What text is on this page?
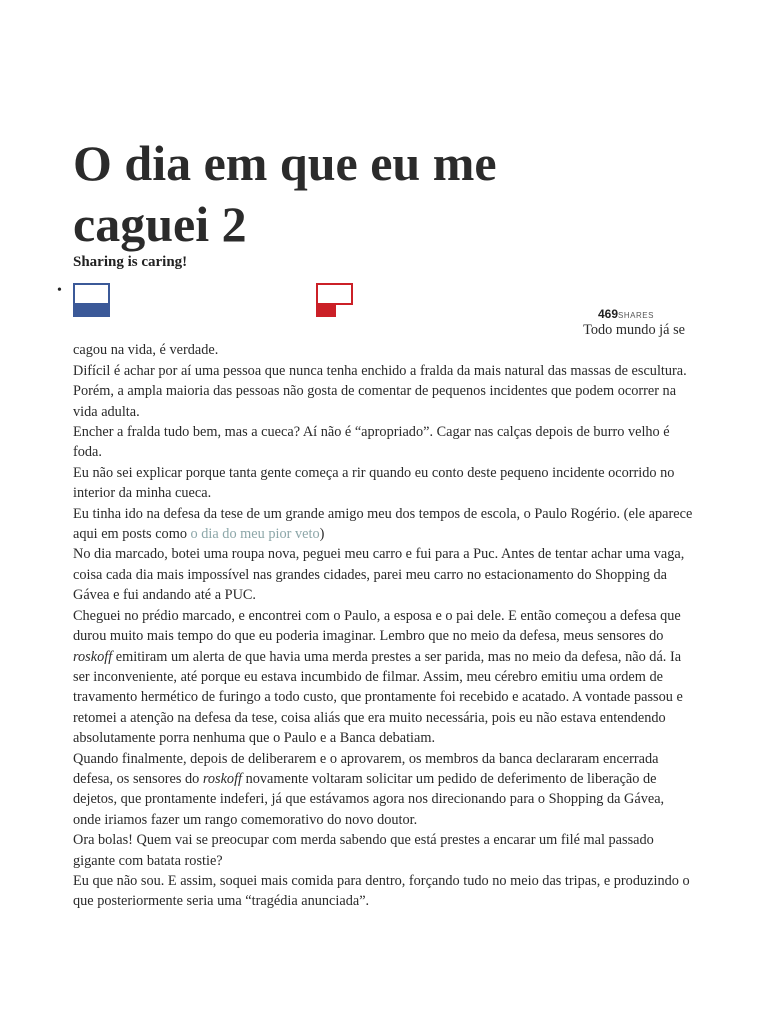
O dia em que eu me caguei 2
Sharing is caring!
•
469SHARES

Todo mundo já se

cagou na vida, é verdade.

Difícil é achar por aí uma pessoa que nunca tenha enchido a fralda da mais natural das massas de escultura. Porém, a ampla maioria das pessoas não gosta de comentar de pequenos incidentes que podem ocorrer na vida adulta.

Encher a fralda tudo bem, mas a cueca? Aí não é “apropriado”. Cagar nas calças depois de burro velho é foda.

Eu não sei explicar porque tanta gente começa a rir quando eu conto deste pequeno incidente ocorrido no interior da minha cueca.

Eu tinha ido na defesa da tese de um grande amigo meu dos tempos de escola, o Paulo Rogério. (ele aparece aqui em posts como o dia do meu pior veto)

No dia marcado, botei uma roupa nova, peguei meu carro e fui para a Puc. Antes de tentar achar uma vaga, coisa cada dia mais impossível nas grandes cidades, parei meu carro no estacionamento do Shopping da Gávea e fui andando até a PUC.

Cheguei no prédio marcado, e encontrei com o Paulo, a esposa e o pai dele. E então começou a defesa que durou muito mais tempo do que eu poderia imaginar. Lembro que no meio da defesa, meus sensores do roskoff emitiram um alerta de que havia uma merda prestes a ser parida, mas no meio da defesa, não dá. Ia ser inconveniente, até porque eu estava incumbido de filmar. Assim, meu cérebro emitiu uma ordem de travamento hermético de furingo a todo custo, que prontamente foi recebido e acatado. A vontade passou e retomei a atenção na defesa da tese, coisa aliás que era muito necessária, pois eu não estava entendendo absolutamente porra nenhuma que o Paulo e a Banca debatiam.

Quando finalmente, depois de deliberarem e o aprovarem, os membros da banca declararam encerrada defesa, os sensores do roskoff novamente voltaram solicitar um pedido de deferimento de liberação de dejetos, que prontamente indeferi, já que estávamos agora nos direcionando para o Shopping da Gávea, onde iriamos fazer um rango comemorativo do novo doutor.

Ora bolas! Quem vai se preocupar com merda sabendo que está prestes a encarar um filé mal passado gigante com batata rostie?

Eu que não sou. E assim, soquei mais comida para dentro, forçando tudo no meio das tripas, e produzindo o que posteriormente seria uma “tragédia anunciada”.
